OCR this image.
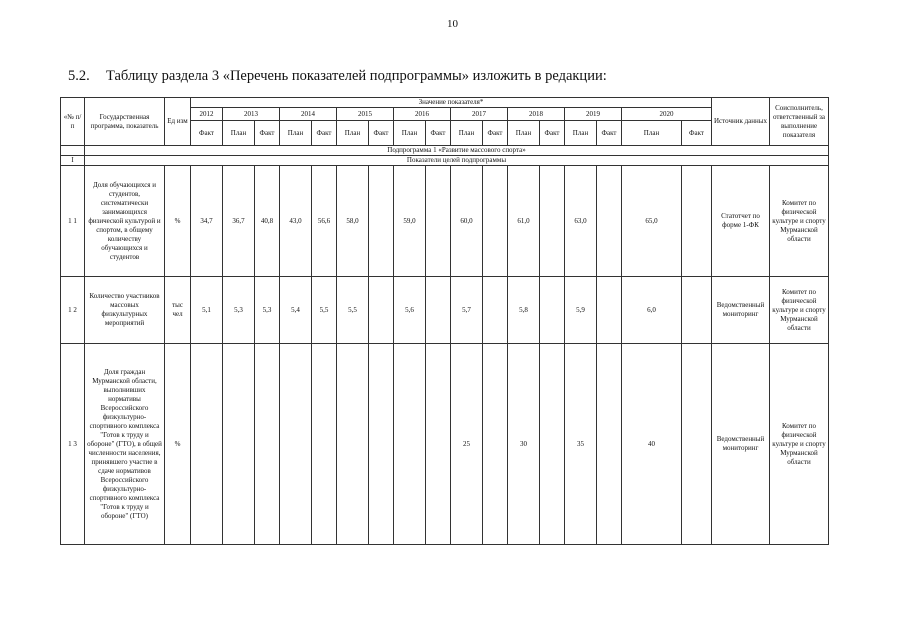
10
5.2. Таблицу раздела 3 «Перечень показателей подпрограммы» изложить в редакции:
«№ п/п	Государственная программа, показатель	Ед изм	Значение показателя*																	Источник данных	Соисполнитель, ответственный за выполнение показателя
			2012	2013		2014		2015		2016		2017		2018		2019		2020			
			Факт	План	Факт	План	Факт	План	Факт	План	Факт	План	Факт	План	Факт	План	Факт	План	Факт		
	Подпрограмма 1 «Развитие массового спорта»																				
I	Показатели целей подпрограммы																				
1 1	Доля обучающихся и студентов, систематически занимающихся физической культурой и спортом, в общему количеству обучающихся и студентов	%	34,7	36,7	40,8	43,0	56,6	58,0		59,0		60,0		61,0		63,0		65,0		Статотчет по форме 1-ФК	Комитет по физической культуре и спорту Мурманской области
1 2	Количество участников массовых физкультурных мероприятий	тыс чел	5,1	5,3	5,3	5,4	5,5	5,5		5,6		5,7		5,8		5,9		6,0		Ведомственный мониторинг	Комитет по физической культуре и спорту Мурманской области
1 3	Доля граждан Мурманской области, выполнивших нормативы Всероссийского физкультурно-спортивного комплекса "Готов к труду и обороне" (ГТО), в общей численности населения, принявшего участие в сдаче нормативов Всероссийского физкультурно-спортивного комплекса "Готов к труду и обороне" (ГТО)	%										25		30		35		40		Ведомственный мониторинг	Комитет по физической культуре и спорту Мурманской области
